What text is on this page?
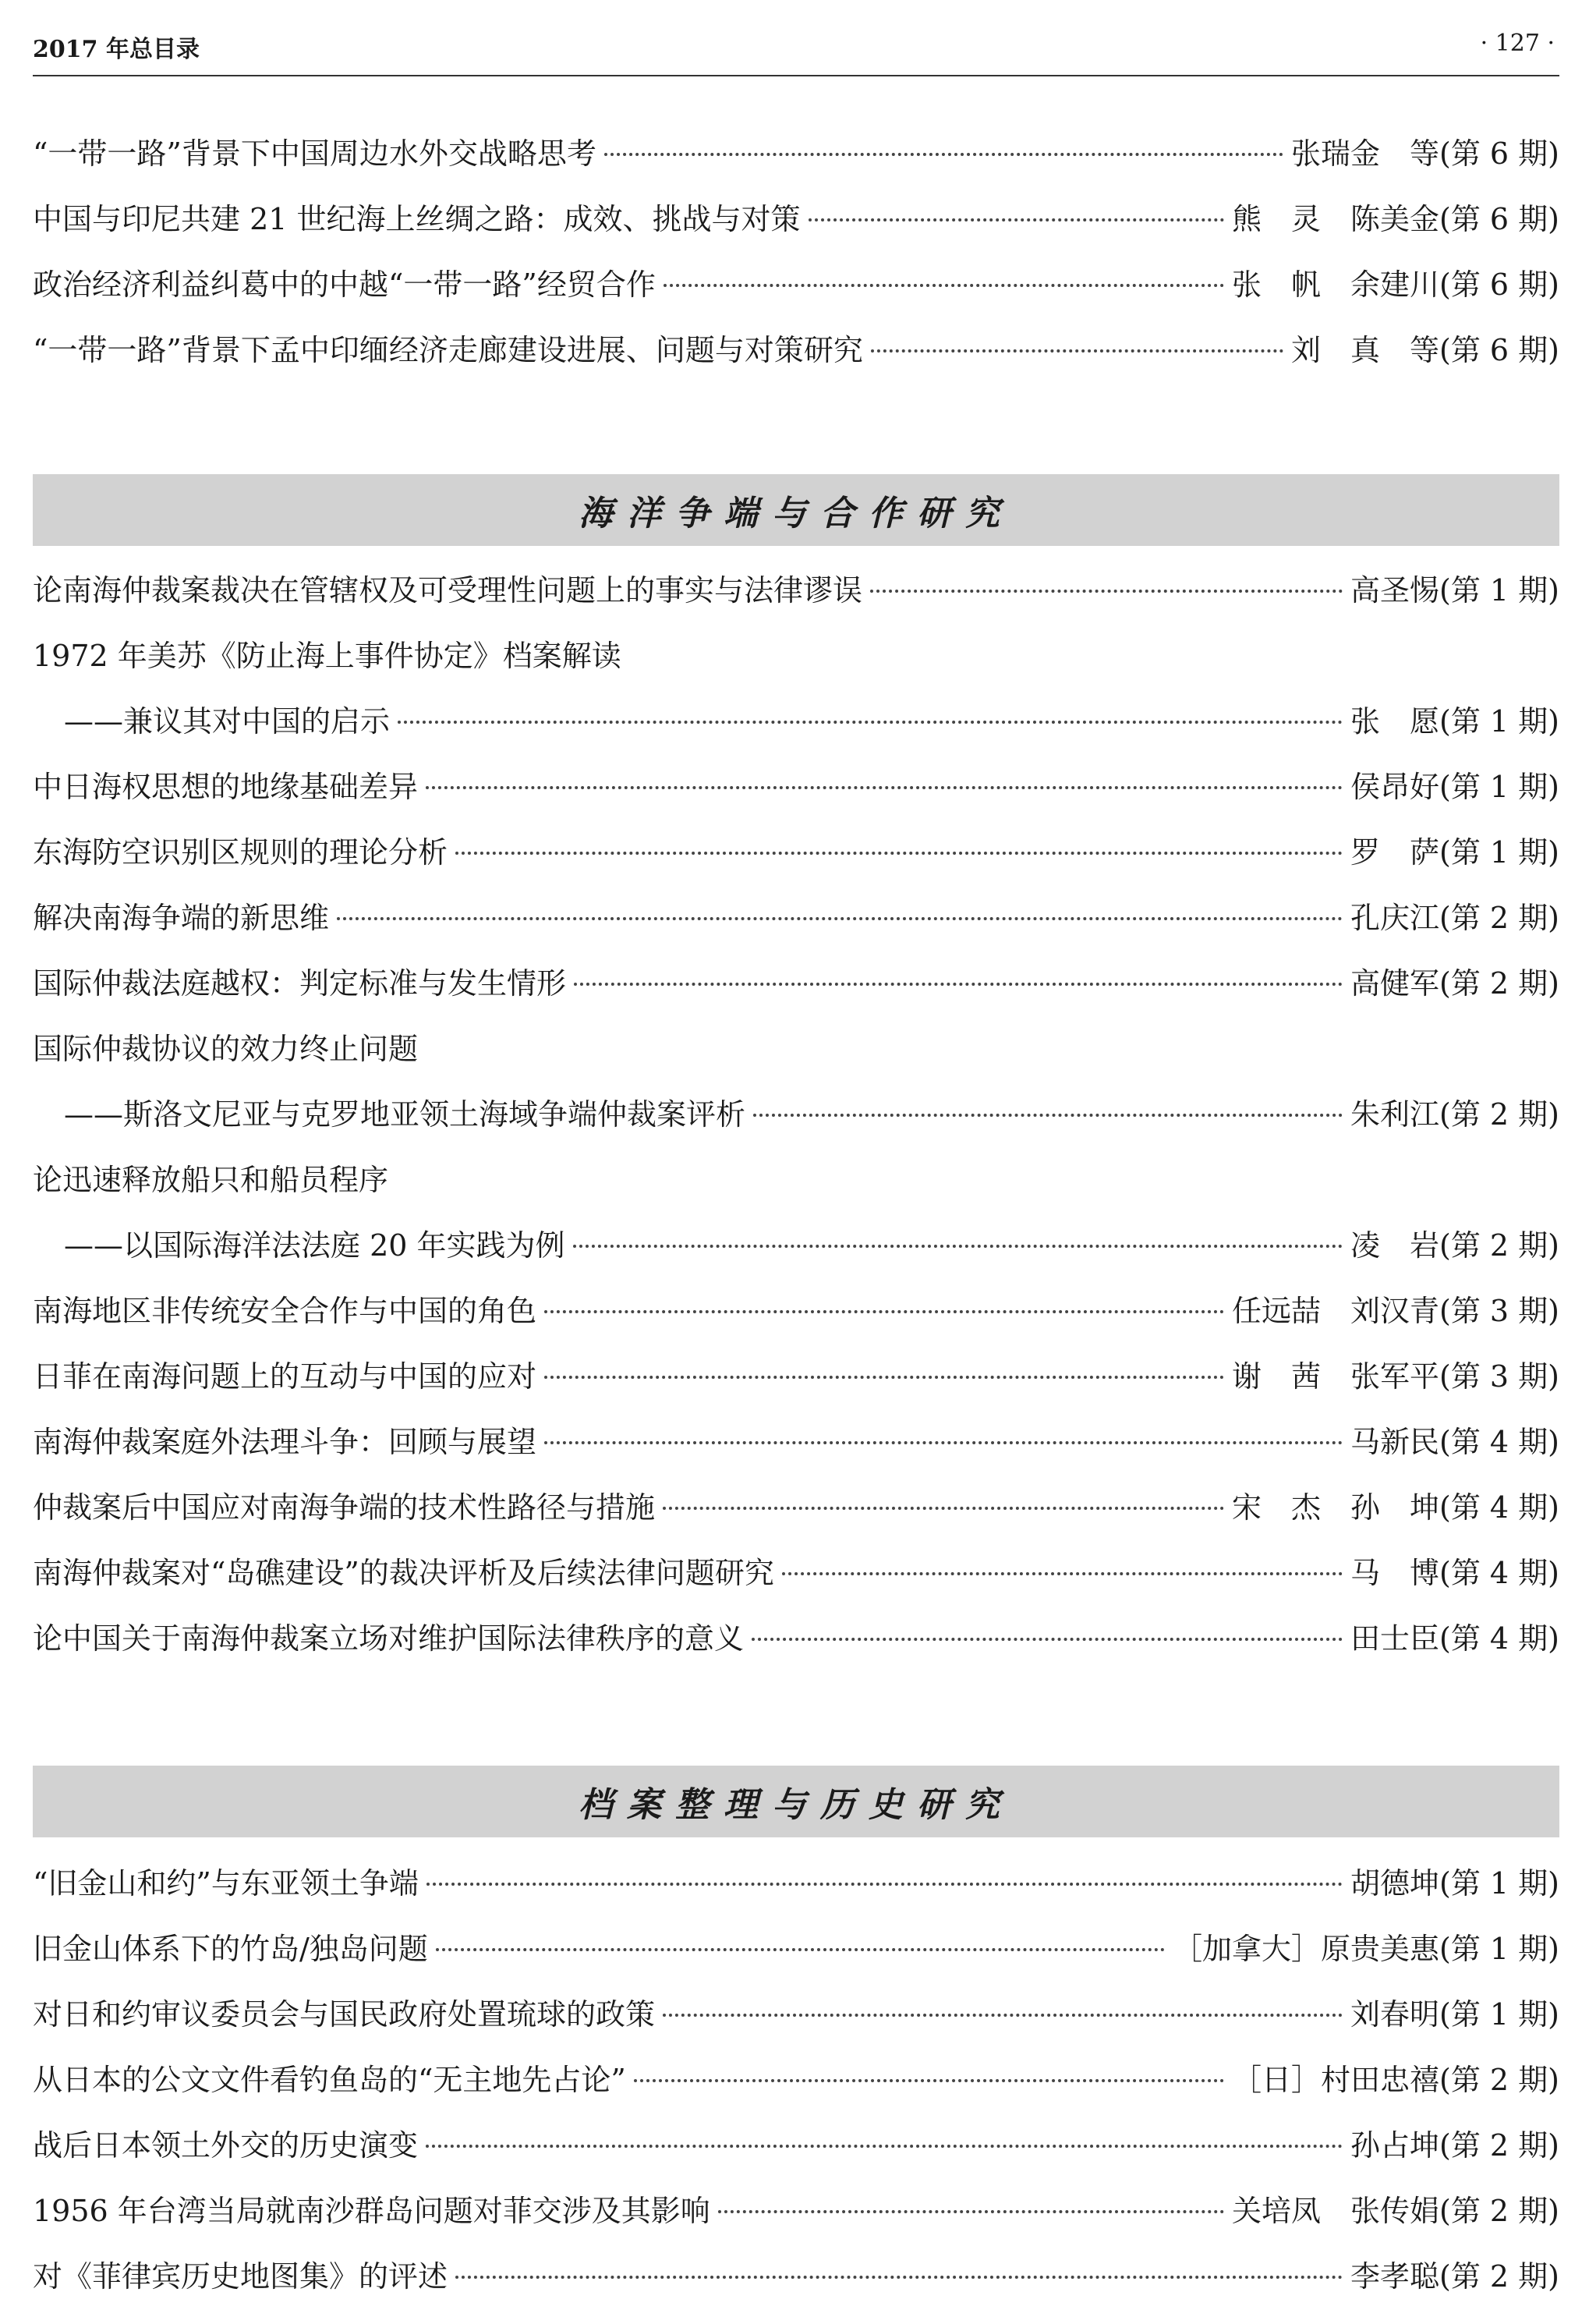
2017 年总目录	· 127 ·
“一带一路”背景下中国周边水外交战略思考	张瑞金　等 (第 6 期)
中国与印尼共建 21 世纪海上丝绸之路：成效、挑战与对策	熊　灵　陈美金 (第 6 期)
政治经济利益纠葛中的中越“一带一路”经贸合作	张　帆　余建川 (第 6 期)
“一带一路”背景下孟中印缅经济走廊建设进展、问题与对策研究	刘　真　等 (第 6 期)
海洋争端与合作研究
论南海仲裁案裁决在管辖权及可受理性问题上的事实与法律谬误	高圣惕 (第 1 期)
1972 年美苏《防止海上事件协定》档案解读
——兼议其对中国的启示	张　愿 (第 1 期)
中日海权思想的地缘基础差异	侯昂好 (第 1 期)
东海防空识别区规则的理论分析	罗　萨 (第 1 期)
解决南海争端的新思维	孔庆江 (第 2 期)
国际仲裁法庭越权：判定标准与发生情形	高健军 (第 2 期)
国际仲裁协议的效力终止问题
——斯洛文尼亚与克罗地亚领土海域争端仲裁案评析	朱利江 (第 2 期)
论迅速释放船只和船员程序
——以国际海洋法法庭 20 年实践为例	凌　岩 (第 2 期)
南海地区非传统安全合作与中国的角色	任远喆　刘汉青 (第 3 期)
日菲在南海问题上的互动与中国的应对	谢　茜　张军平 (第 3 期)
南海仲裁案庭外法理斗争：回顾与展望	马新民 (第 4 期)
仲裁案后中国应对南海争端的技术性路径与措施	宋　杰　孙　坤 (第 4 期)
南海仲裁案对“岛礁建设”的裁决评析及后续法律问题研究	马　博 (第 4 期)
论中国关于南海仲裁案立场对维护国际法律秩序的意义	田士臣 (第 4 期)
档案整理与历史研究
“旧金山和约”与东亚领土争端	胡德坤 (第 1 期)
旧金山体系下的竹岛/独岛问题	［加拿大］原贵美惠 (第 1 期)
对日和约审议委员会与国民政府处置琉球的政策	刘春明 (第 1 期)
从日本的公文文件看钓鱼岛的“无主地先占论”	［日］村田忠禧 (第 2 期)
战后日本领土外交的历史演变	孙占坤 (第 2 期)
1956 年台湾当局就南沙群岛问题对菲交涉及其影响	关培凤　张传娟 (第 2 期)
对《菲律宾历史地图集》的评述	李孝聪 (第 2 期)
